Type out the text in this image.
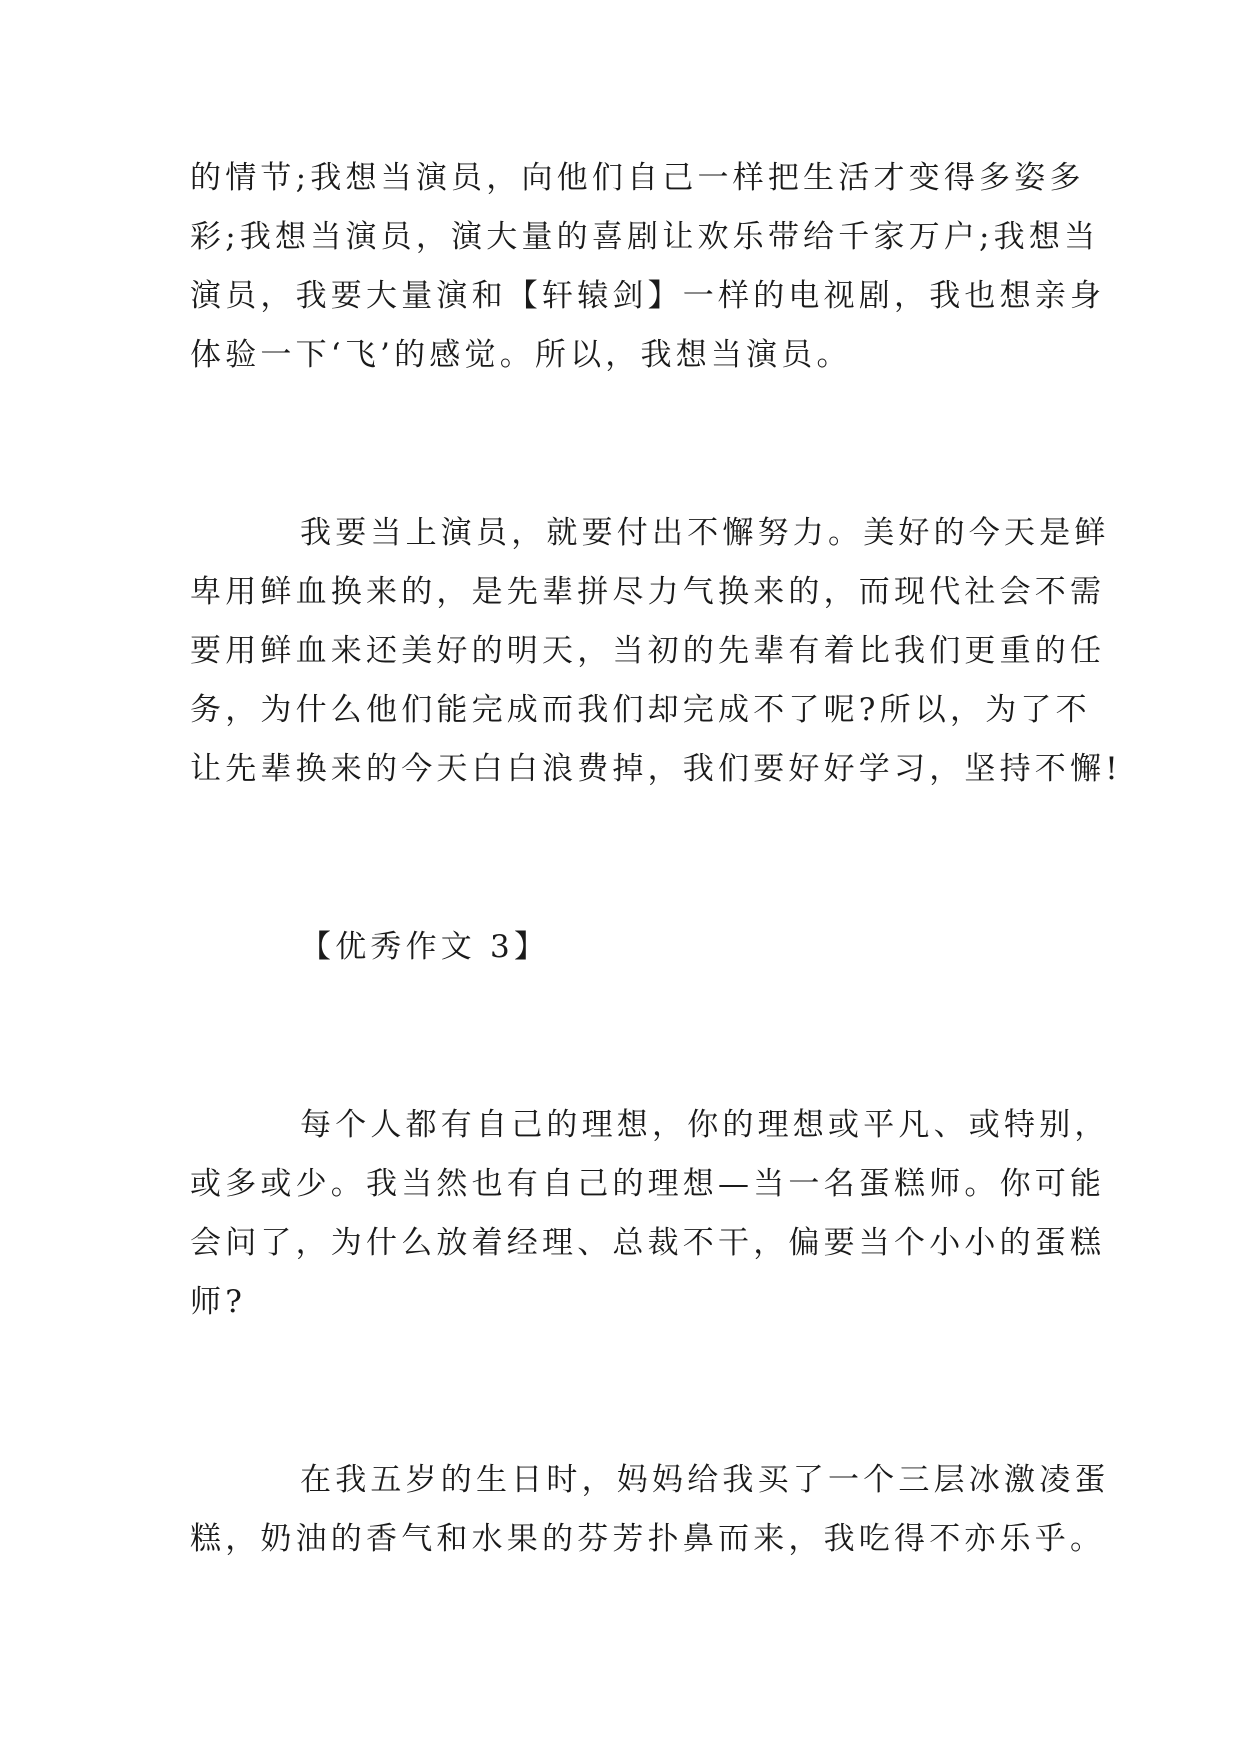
的情节;我想当演员，向他们自己一样把生活才变得多姿多
彩;我想当演员，演大量的喜剧让欢乐带给千家万户;我想当
演员，我要大量演和【轩辕剑】一样的电视剧，我也想亲身
体验一下‘飞’的感觉。所以，我想当演员。
我要当上演员，就要付出不懈努力。美好的今天是鲜
卑用鲜血换来的，是先辈拼尽力气换来的，而现代社会不需
要用鲜血来还美好的明天，当初的先辈有着比我们更重的任
务，为什么他们能完成而我们却完成不了呢?所以，为了不
让先辈换来的今天白白浪费掉，我们要好好学习，坚持不懈!
【优秀作文 3】
每个人都有自己的理想，你的理想或平凡、或特别，
或多或少。我当然也有自己的理想—当一名蛋糕师。你可能
会问了，为什么放着经理、总裁不干，偏要当个小小的蛋糕
师?
在我五岁的生日时，妈妈给我买了一个三层冰激凌蛋
糕，奶油的香气和水果的芬芳扑鼻而来，我吃得不亦乐乎。
